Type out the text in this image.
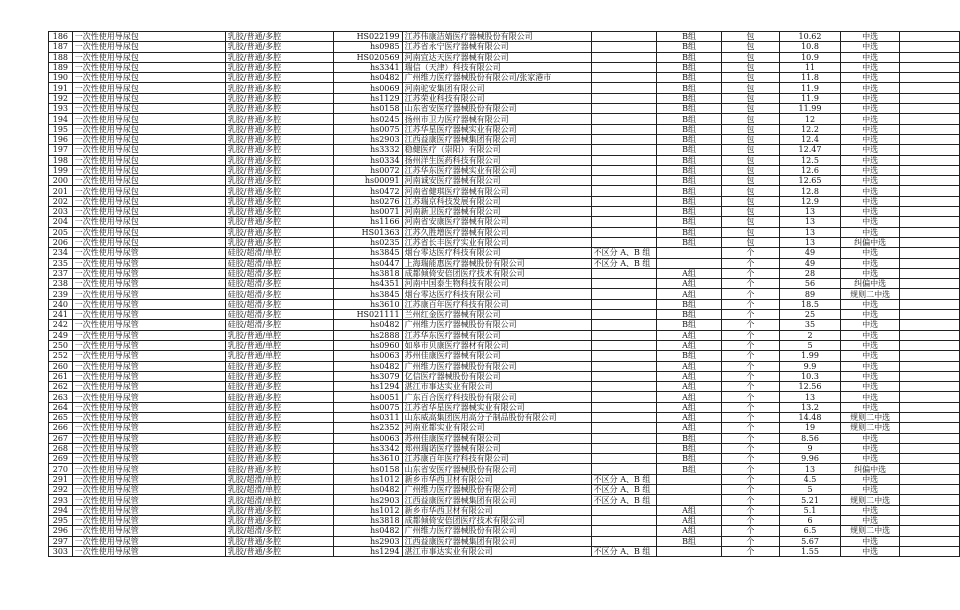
186	一次性使用导尿包	乳胶/普通/多腔	HS022199	江苏伟康洁婧医疗器械股份有限公司		B组	包	10.62	中选	
187	一次性使用导尿包	乳胶/普通/多腔	hs0985	江苏省永宁医疗器械有限公司		B组	包	10.8	中选	
188	一次性使用导尿包	乳胶/普通/多腔	HS020569	河南宜达天医疗器械有限公司		B组	包	10.9	中选	
189	一次性使用导尿包	乳胶/普通/多腔	hs3341	瑞信（天津）科技有限公司		B组	包	11	中选	
190	一次性使用导尿包	乳胶/普通/多腔	hs0482	广州维力医疗器械股份有限公司/张家港市		B组	包	11.8	中选	
191	一次性使用导尿包	乳胶/普通/多腔	hs0069	河南驼安集团有限公司		B组	包	11.9	中选	
192	一次性使用导尿包	乳胶/普通/多腔	hs1129	江苏荣业科技有限公司		B组	包	11.9	中选	
193	一次性使用导尿包	乳胶/普通/多腔	hs0158	山东省安医疗器械股份有限公司		B组	包	11.99	中选	
194	一次性使用导尿包	乳胶/普通/多腔	hs0245	扬州市卫力医疗器械有限公司		B组	包	12	中选	
195	一次性使用导尿包	乳胶/普通/多腔	hs0075	江苏华星医疗器械实业有限公司		B组	包	12.2	中选	
196	一次性使用导尿包	乳胶/普通/多腔	hs2903	江西益康医疗器械集团有限公司		B组	包	12.4	中选	
197	一次性使用导尿包	乳胶/普通/多腔	hs3332	稳健医疗（崇阳）有限公司		B组	包	12.47	中选	
198	一次性使用导尿包	乳胶/普通/多腔	hs0334	扬州洋生医药科技有限公司		B组	包	12.5	中选	
199	一次性使用导尿包	乳胶/普通/多腔	hs0072	江苏华东医疗器械实业有限公司		B组	包	12.6	中选	
200	一次性使用导尿包	乳胶/普通/多腔	hs00091	河南诚安医疗器械有限公司		B组	包	12.65	中选	
201	一次性使用导尿包	乳胶/普通/多腔	hs0472	河南省健琪医疗器械有限公司		B组	包	12.8	中选	
202	一次性使用导尿包	乳胶/普通/多腔	hs0276	江苏瑞京科技发展有限公司		B组	包	12.9	中选	
203	一次性使用导尿包	乳胶/普通/多腔	hs0071	河南新卫医疗器械有限公司		B组	包	13	中选	
204	一次性使用导尿包	乳胶/普通/多腔	hs1166	河南省安康医疗器械有限公司		B组	包	13	中选	
205	一次性使用导尿包	乳胶/普通/多腔	HS01363	江苏久胜增医疗器械有限公司		B组	包	13	中选	
206	一次性使用导尿包	乳胶/普通/多腔	hs0235	江苏省长丰医疗实业有限公司		B组	包	13	纠偏中选	
234	一次性使用导尿管	硅胶/超滑/单腔	hs3845	烟台零达医疗科技有限公司	不区分 A、B 组		个	49	中选	
235	一次性使用导尿管	硅胶/超滑/单腔	hs0447	上海瑞能惠医疗器械股份有限公司	不区分 A、B 组		个	49	中选	
237	一次性使用导尿管	硅胶/超滑/多腔	hs3818	成都倾倚安倍团医疗技术有限公司		A组	个	28	中选	
238	一次性使用导尿管	硅胶/超滑/多腔	hs4351	河南中国泰生物科技有限公司		A组	个	56	纠偏中选	
239	一次性使用导尿管	硅胶/超滑/多腔	hs3845	烟台零达医疗科技有限公司		A组	个	89	规则二中选	
240	一次性使用导尿管	硅胶/超滑/多腔	hs3610	江苏康百年医疗科技有限公司		B组	个	18.5	中选	
241	一次性使用导尿管	硅胶/超滑/多腔	HS021111	兰州红金医疗器械有限公司		B组	个	25	中选	
242	一次性使用导尿管	硅胶/超滑/多腔	hs0482	广州维力医疗器械股份有限公司		B组	个	35	中选	
249	一次性使用导尿管	乳胶/普通/单腔	hs2888	江苏华东医疗器械有限公司		A组	个	2	中选	
250	一次性使用导尿管	乳胶/普通/单腔	hs0960	如皋市贝康医疗器材有限公司		A组	个	5	中选	
252	一次性使用导尿管	乳胶/普通/单腔	hs0063	苏州佳康医疗器械有限公司		B组	个	1.99	中选	
260	一次性使用导尿管	硅胶/普通/多腔	hs0482	广州维力医疗器械股份有限公司		A组	个	9.9	中选	
261	一次性使用导尿管	硅胶/普通/多腔	hs3079	亿信医疗器械股份有限公司		A组	个	10.3	中选	
262	一次性使用导尿管	硅胶/普通/多腔	hs1294	湛江市事达实业有限公司		A组	个	12.56	中选	
263	一次性使用导尿管	硅胶/普通/多腔	hs0051	广东百合医疗科技股份有限公司		A组	个	13	中选	
264	一次性使用导尿管	硅胶/普通/多腔	hs0075	江苏省华星医疗器械实业有限公司		A组	个	13.2	中选	
265	一次性使用导尿管	硅胶/普通/多腔	hs0311	山东威高集团医用高分子制品股份有限公司		A组	个	14.48	规则二中选	
266	一次性使用导尿管	硅胶/普通/多腔	hs2352	河南亚都实业有限公司		A组	个	19	规则二中选	
267	一次性使用导尿管	硅胶/普通/多腔	hs0063	苏州佳康医疗器械有限公司		B组	个	8.56	中选	
268	一次性使用导尿管	硅胶/普通/多腔	hs3342	郑州瑞诺医疗器械有限公司		B组	个	9	中选	
269	一次性使用导尿管	硅胶/普通/多腔	hs3610	江苏康百年医疗科技有限公司		B组	个	9.96	中选	
270	一次性使用导尿管	硅胶/普通/多腔	hs0158	山东省安医疗器械股份有限公司		B组	个	13	纠偏中选	
291	一次性使用导尿管	乳胶/超滑/单腔	hs1012	新乡市华西卫材有限公司	不区分 A、B 组		个	4.5	中选	
292	一次性使用导尿管	乳胶/超滑/单腔	hs0482	广州维力医疗器械股份有限公司	不区分 A、B 组		个	5	中选	
293	一次性使用导尿管	乳胶/超滑/单腔	hs2903	江西益康医疗器械集团有限公司	不区分 A、B 组		个	5.21	规则二中选	
294	一次性使用导尿管	乳胶/普通/多腔	hs1012	新乡市华西卫材有限公司		A组	个	5.1	中选	
295	一次性使用导尿管	乳胶/普通/多腔	hs3818	成都倾倚安倍团医疗技术有限公司		A组	个	6	中选	
296	一次性使用导尿管	乳胶/超滑/多腔	hs0482	广州维力医疗器械股份有限公司		A组	个	6.5	规则二中选	
297	一次性使用导尿管	乳胶/普通/多腔	hs2903	江西益康医疗器械集团有限公司		B组	个	5.67	中选	
303	一次性使用导尿管	乳胶/普通/多腔	hs1294	湛江市事达实业有限公司	不区分 A、B 组		个	1.55	中选	
